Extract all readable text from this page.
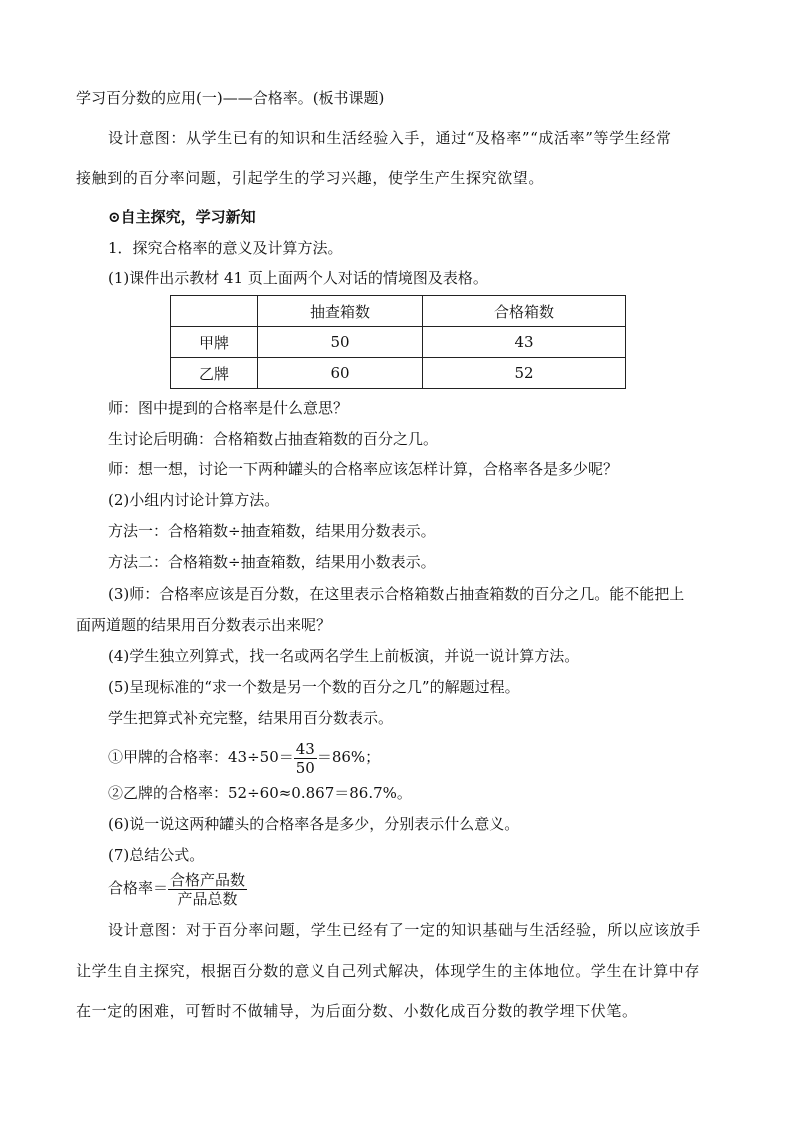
学习百分数的应用(一)——合格率。(板书课题)
设计意图：从学生已有的知识和生活经验入手，通过“及格率”“成活率”等学生经常
接触到的百分率问题，引起学生的学习兴趣，使学生产生探究欲望。
⊙自主探究，学习新知
1．探究合格率的意义及计算方法。
(1)课件出示教材 41 页上面两个人对话的情境图及表格。
	抽查箱数	合格箱数
甲牌	50	43
乙牌	60	52
师：图中提到的合格率是什么意思？
生讨论后明确：合格箱数占抽查箱数的百分之几。
师：想一想，讨论一下两种罐头的合格率应该怎样计算，合格率各是多少呢？
(2)小组内讨论计算方法。
方法一：合格箱数÷抽查箱数，结果用分数表示。
方法二：合格箱数÷抽查箱数，结果用小数表示。
(3)师：合格率应该是百分数，在这里表示合格箱数占抽查箱数的百分之几。能不能把上
面两道题的结果用百分数表示出来呢？
(4)学生独立列算式，找一名或两名学生上前板演，并说一说计算方法。
(5)呈现标准的“求一个数是另一个数的百分之几”的解题过程。
学生把算式补充完整，结果用百分数表示。
①甲牌的合格率：$43\div 50= \frac{43}{50} =86\%$；
②乙牌的合格率：52÷60≈0.867＝86.7%。
(6)说一说这两种罐头的合格率各是多少，分别表示什么意义。
(7)总结公式。
合格率＝ $\frac{\text{合格产品数}}{\text{产品总数}}$
设计意图：对于百分率问题，学生已经有了一定的知识基础与生活经验，所以应该放手
让学生自主探究，根据百分数的意义自己列式解决，体现学生的主体地位。学生在计算中存
在一定的困难，可暂时不做辅导，为后面分数、小数化成百分数的教学埋下伏笔。
